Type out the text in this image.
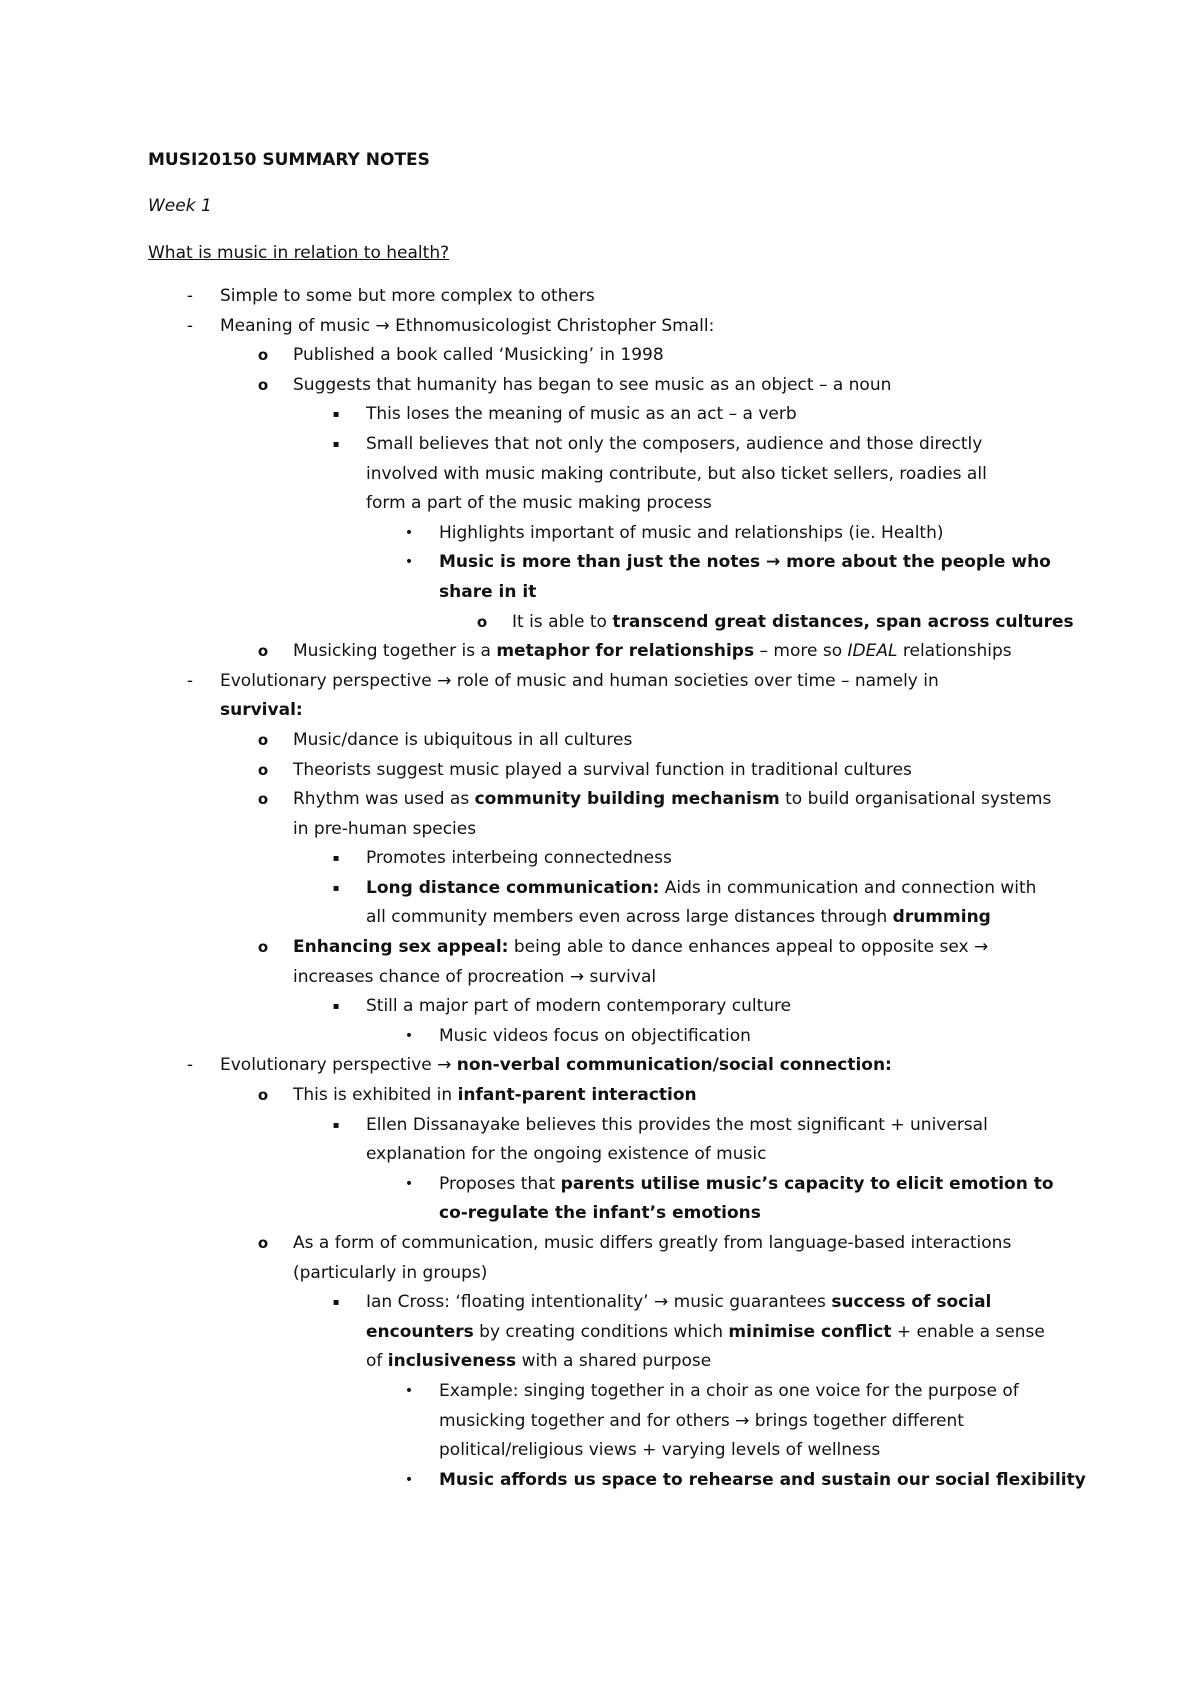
MUSI20150 SUMMARY NOTES
Week 1
What is music in relation to health?
- Simple to some but more complex to others
- Meaning of music → Ethnomusicologist Christopher Small:
o Published a book called ‘Musicking’ in 1998
o Suggests that humanity has began to see music as an object – a noun
▪ This loses the meaning of music as an act – a verb
▪ Small believes that not only the composers, audience and those directly
involved with music making contribute, but also ticket sellers, roadies all
form a part of the music making process
• Highlights important of music and relationships (ie. Health)
• Music is more than just the notes → more about the people who
share in it
o It is able to transcend great distances, span across cultures
o Musicking together is a metaphor for relationships – more so IDEAL relationships
- Evolutionary perspective → role of music and human societies over time – namely in
survival:
o Music/dance is ubiquitous in all cultures
o Theorists suggest music played a survival function in traditional cultures
o Rhythm was used as community building mechanism to build organisational systems
in pre-human species
▪ Promotes interbeing connectedness
▪ Long distance communication: Aids in communication and connection with
all community members even across large distances through drumming
o Enhancing sex appeal: being able to dance enhances appeal to opposite sex →
increases chance of procreation → survival
▪ Still a major part of modern contemporary culture
• Music videos focus on objectification
- Evolutionary perspective → non-verbal communication/social connection:
o This is exhibited in infant-parent interaction
▪ Ellen Dissanayake believes this provides the most significant + universal
explanation for the ongoing existence of music
• Proposes that parents utilise music’s capacity to elicit emotion to
co-regulate the infant’s emotions
o As a form of communication, music differs greatly from language-based interactions
(particularly in groups)
▪ Ian Cross: ‘floating intentionality’ → music guarantees success of social
encounters by creating conditions which minimise conflict + enable a sense
of inclusiveness with a shared purpose
• Example: singing together in a choir as one voice for the purpose of
musicking together and for others → brings together different
political/religious views + varying levels of wellness
• Music affords us space to rehearse and sustain our social flexibility
